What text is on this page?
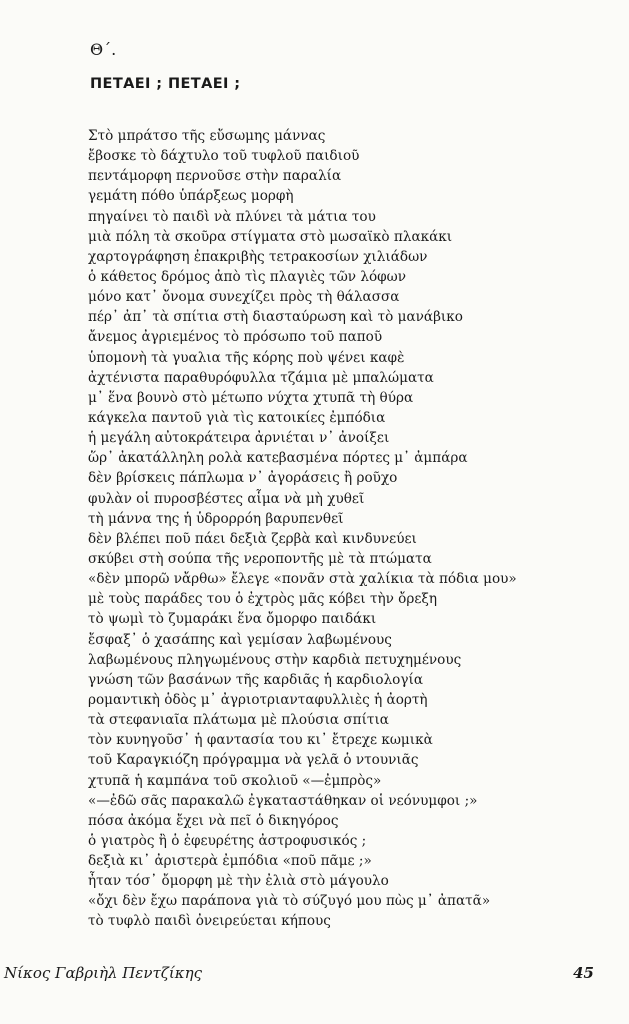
Θ΄.
ΠΕΤΑΕΙ ; ΠΕΤΑΕΙ ;
Στὸ μπράτσο τῆς εὔσωμης μάννας
ἔβοσκε τὸ δάχτυλο τοῦ τυφλοῦ παιδιοῦ
πεντάμορφη περνοῦσε στὴν παραλία
γεμάτη πόθο ὑπάρξεως μορφὴ
πηγαίνει τὸ παιδὶ νὰ πλύνει τὰ μάτια του
μιὰ πόλη τὰ σκοῦρα στίγματα στὸ μωσαϊκὸ πλακάκι
χαρτογράφηση ἐπακριβὴς τετρακοσίων χιλιάδων
ὁ κάθετος δρόμος ἀπὸ τὶς πλαγιὲς τῶν λόφων
μόνο κατ᾿ ὄνομα συνεχίζει πρὸς τὴ θάλασσα
πέρ᾿ ἀπ᾿ τὰ σπίτια στὴ διασταύρωση καὶ τὸ μανάβικο
ἄνεμος ἀγριεμένος τὸ πρόσωπο τοῦ παποῦ
ὑπομονὴ τὰ γυαλια τῆς κόρης ποὺ ψένει καφὲ
ἀχτένιστα παραθυρόφυλλα τζάμια μὲ μπαλώματα
μ᾿ ἕνα βουνὸ στὸ μέτωπο νύχτα χτυπᾶ τὴ θύρα
κάγκελα παντοῦ γιὰ τὶς κατοικίες ἐμπόδια
ἡ μεγάλη αὐτοκράτειρα ἀρνιέται ν᾿ ἀνοίξει
ὥρ᾿ ἀκατάλληλη ρολὰ κατεβασμένα πόρτες μ᾿ ἀμπάρα
δὲν βρίσκεις πάπλωμα ν᾿ ἀγοράσεις ἢ ροῦχο
φυλὰν οἱ πυροσβέστες αἷμα νὰ μὴ χυθεῖ
τὴ μάννα της ἡ ὑδρορρόη βαρυπενθεῖ
δὲν βλέπει ποῦ πάει δεξιὰ ζερβὰ καὶ κινδυνεύει
σκύβει στὴ σούπα τῆς νεροποντῆς μὲ τὰ πτώματα
«δὲν μπορῶ νἄρθω» ἔλεγε «πονᾶν στὰ χαλίκια τὰ πόδια μου»
μὲ τοὺς παράδες του ὁ ἐχτρὸς μᾶς κόβει τὴν ὄρεξη
τὸ ψωμὶ τὸ ζυμαράκι ἕνα ὄμορφο παιδάκι
ἔσφαξ᾿ ὁ χασάπης καὶ γεμίσαν λαβωμένους
λαβωμένους πληγωμένους στὴν καρδιὰ πετυχημένους
γνώση τῶν βασάνων τῆς καρδιᾶς ἡ καρδιολογία
ρομαντικὴ ὁδὸς μ᾿ ἀγριοτριανταφυλλιὲς ἡ ἀορτὴ
τὰ στεφανιαῖα πλάτωμα μὲ πλούσια σπίτια
τὸν κυνηγοῦσ᾿ ἡ φαντασία του κι᾿ ἔτρεχε κωμικὰ
τοῦ Καραγκιόζη πρόγραμμα νὰ γελᾶ ὁ ντουνιᾶς
χτυπᾶ ἡ καμπάνα τοῦ σκολιοῦ «—ἐμπρὸς»
«—ἐδῶ σᾶς παρακαλῶ ἐγκαταστάθηκαν οἱ νεόνυμφοι ;»
πόσα ἀκόμα ἔχει νὰ πεῖ ὁ δικηγόρος
ὁ γιατρὸς ἢ ὁ ἐφευρέτης ἀστροφυσικός ;
δεξιὰ κι᾿ ἀριστερὰ ἐμπόδια «ποῦ πᾶμε ;»
ἦταν τόσ᾿ ὄμορφη μὲ τὴν ἐλιὰ στὸ μάγουλο
«ὄχι δὲν ἔχω παράπονα γιὰ τὸ σύζυγό μου πὼς μ᾿ ἀπατᾶ»
τὸ τυφλὸ παιδὶ ὀνειρεύεται κήπους
Νίκος Γαβριὴλ Πεντζίκης	45
